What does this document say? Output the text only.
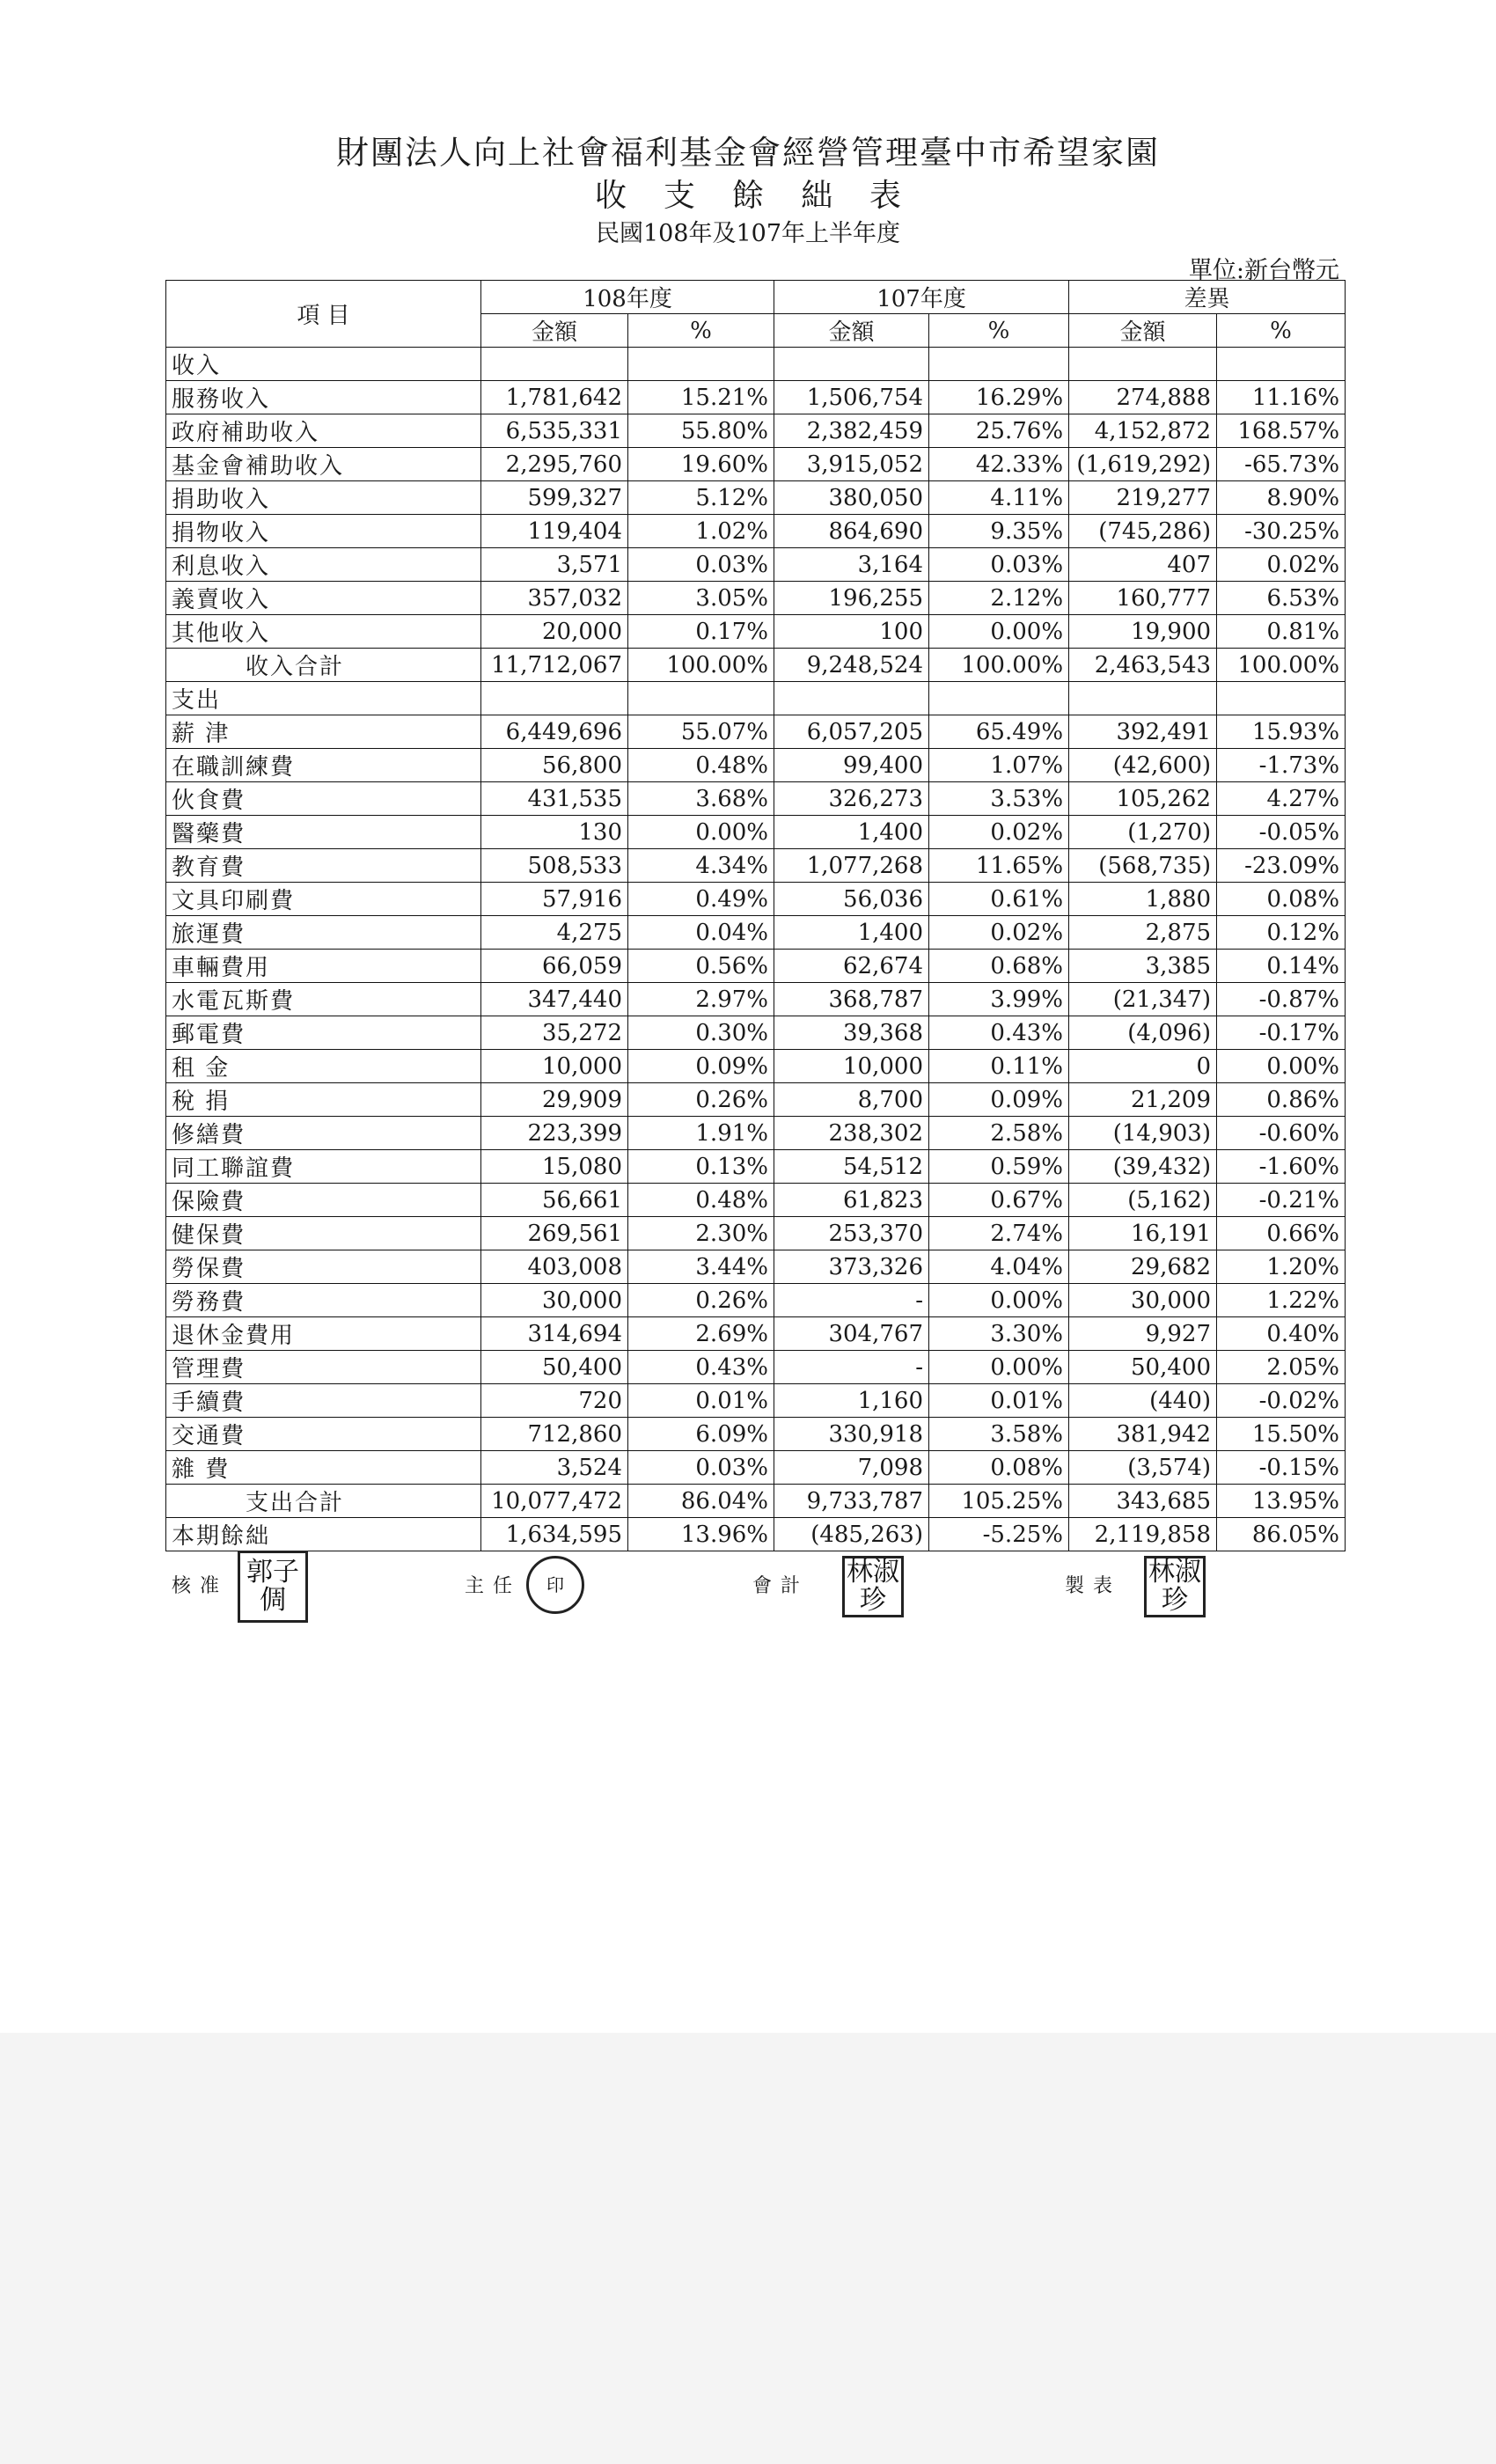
財團法人向上社會福利基金會經營管理臺中市希望家園
收支餘絀表
民國108年及107年上半年度
單位:新台幣元
項 目	108年度		107年度		差異	
	金額	%	金額	%	金額	%
收入						
服務收入	1,781,642	15.21%	1,506,754	16.29%	274,888	11.16%
政府補助收入	6,535,331	55.80%	2,382,459	25.76%	4,152,872	168.57%
基金會補助收入	2,295,760	19.60%	3,915,052	42.33%	(1,619,292)	-65.73%
捐助收入	599,327	5.12%	380,050	4.11%	219,277	8.90%
捐物收入	119,404	1.02%	864,690	9.35%	(745,286)	-30.25%
利息收入	3,571	0.03%	3,164	0.03%	407	0.02%
義賣收入	357,032	3.05%	196,255	2.12%	160,777	6.53%
其他收入	20,000	0.17%	100	0.00%	19,900	0.81%
收入合計	11,712,067	100.00%	9,248,524	100.00%	2,463,543	100.00%
支出						
薪 津	6,449,696	55.07%	6,057,205	65.49%	392,491	15.93%
在職訓練費	56,800	0.48%	99,400	1.07%	(42,600)	-1.73%
伙食費	431,535	3.68%	326,273	3.53%	105,262	4.27%
醫藥費	130	0.00%	1,400	0.02%	(1,270)	-0.05%
教育費	508,533	4.34%	1,077,268	11.65%	(568,735)	-23.09%
文具印刷費	57,916	0.49%	56,036	0.61%	1,880	0.08%
旅運費	4,275	0.04%	1,400	0.02%	2,875	0.12%
車輛費用	66,059	0.56%	62,674	0.68%	3,385	0.14%
水電瓦斯費	347,440	2.97%	368,787	3.99%	(21,347)	-0.87%
郵電費	35,272	0.30%	39,368	0.43%	(4,096)	-0.17%
租 金	10,000	0.09%	10,000	0.11%	0	0.00%
稅 捐	29,909	0.26%	8,700	0.09%	21,209	0.86%
修繕費	223,399	1.91%	238,302	2.58%	(14,903)	-0.60%
同工聯誼費	15,080	0.13%	54,512	0.59%	(39,432)	-1.60%
保險費	56,661	0.48%	61,823	0.67%	(5,162)	-0.21%
健保費	269,561	2.30%	253,370	2.74%	16,191	0.66%
勞保費	403,008	3.44%	373,326	4.04%	29,682	1.20%
勞務費	30,000	0.26%	-	0.00%	30,000	1.22%
退休金費用	314,694	2.69%	304,767	3.30%	9,927	0.40%
管理費	50,400	0.43%	-	0.00%	50,400	2.05%
手續費	720	0.01%	1,160	0.01%	(440)	-0.02%
交通費	712,860	6.09%	330,918	3.58%	381,942	15.50%
雜 費	3,524	0.03%	7,098	0.08%	(3,574)	-0.15%
支出合計	10,077,472	86.04%	9,733,787	105.25%	343,685	13.95%
本期餘絀	1,634,595	13.96%	(485,263)	-5.25%	2,119,858	86.05%
核准 郭子倜	主任	印	會計 林淑珍	製表 林淑珍
